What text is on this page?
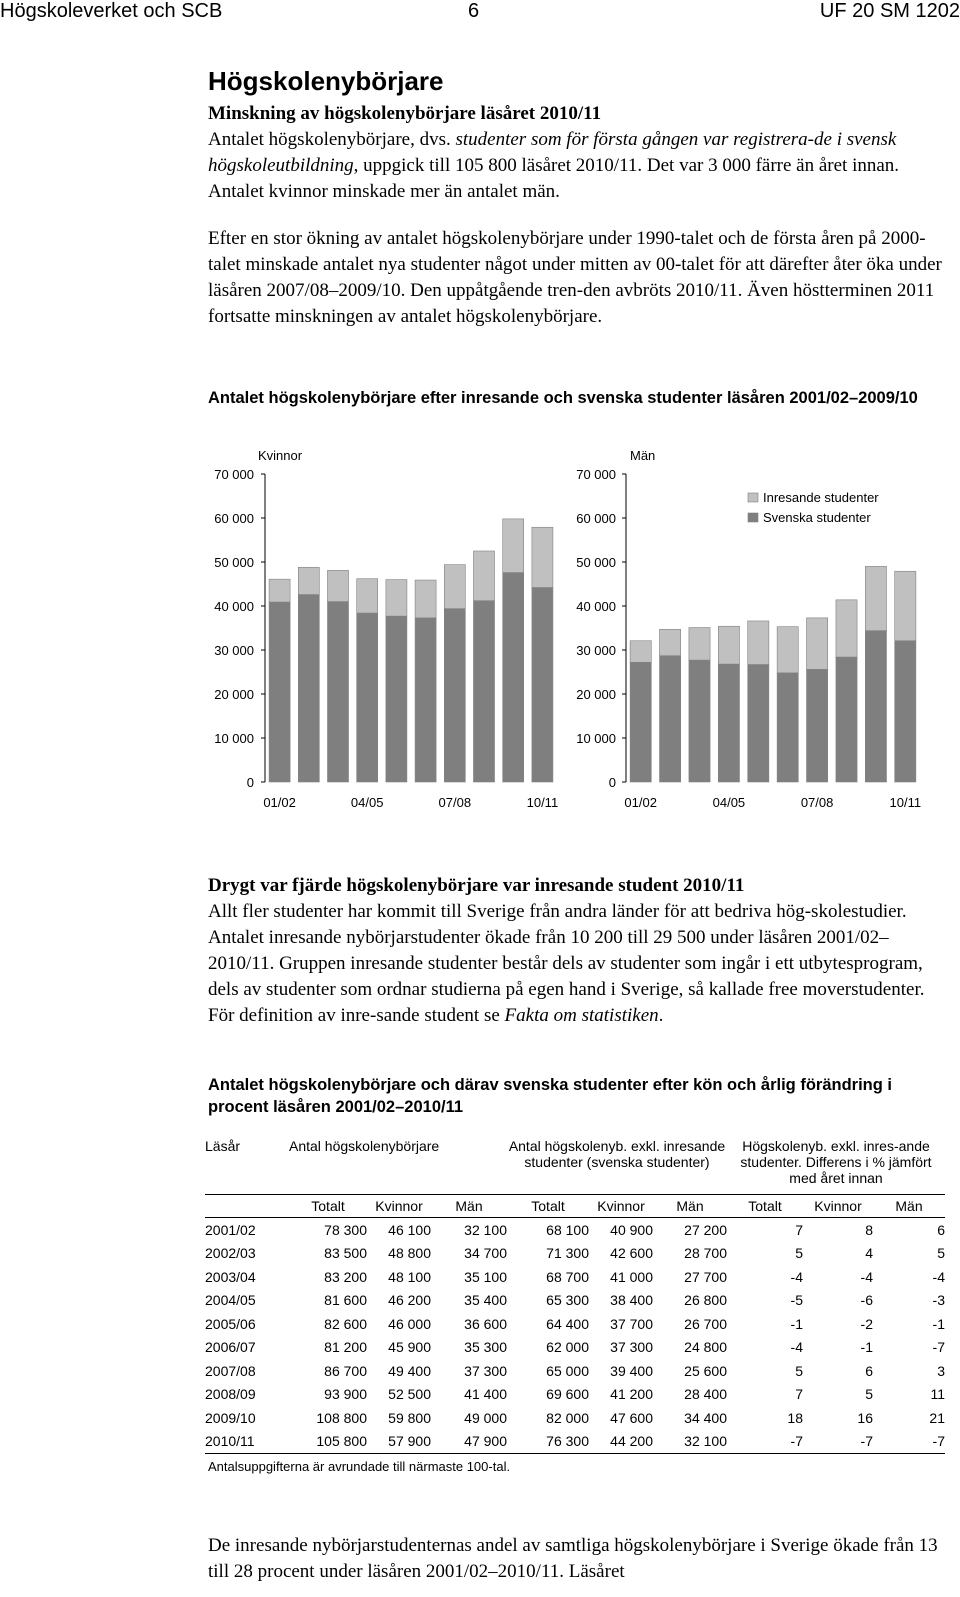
Högskoleverket och SCB	6	UF 20 SM 1202
Högskolenybörjare
Minskning av högskolenybörjare läsåret 2010/11
Antalet högskolenybörjare, dvs. studenter som för första gången var registrera-de i svensk högskoleutbildning, uppgick till 105 800 läsåret 2010/11. Det var 3 000 färre än året innan. Antalet kvinnor minskade mer än antalet män.
Efter en stor ökning av antalet högskolenybörjare under 1990-talet och de första åren på 2000-talet minskade antalet nya studenter något under mitten av 00-talet för att därefter åter öka under läsåren 2007/08–2009/10. Den uppåtgående tren-den avbröts 2010/11. Även höstterminen 2011 fortsatte minskningen av antalet högskolenybörjare.
Antalet högskolenybörjare efter inresande och svenska studenter läsåren 2001/02–2009/10
Kvinnor
0
10 000
20 000
30 000
40 000
50 000
60 000
70 000
01/02	04/05	07/08	10/11
Män
0
10 000
20 000
30 000
40 000
50 000
60 000
70 000
01/02	04/05	07/08	10/11
Inresande studenter
Svenska studenter
Drygt var fjärde högskolenybörjare var inresande student 2010/11
Allt fler studenter har kommit till Sverige från andra länder för att bedriva hög-skolestudier. Antalet inresande nybörjarstudenter ökade från 10 200 till 29 500 under läsåren 2001/02–2010/11. Gruppen inresande studenter består dels av studenter som ingår i ett utbytesprogram, dels av studenter som ordnar studierna på egen hand i Sverige, så kallade free moverstudenter. För definition av inre-sande student se Fakta om statistiken.
Antalet högskolenybörjare och därav svenska studenter efter kön och årlig förändring i procent läsåren 2001/02–2010/11
Läsår	Antal högskolenybörjare			Antal högskolenyb. exkl. inresande studenter (svenska studenter)			Högskolenyb. exkl. inres-ande studenter. Differens i % jämfört med året innan		
	Totalt	Kvinnor	Män	Totalt	Kvinnor	Män	Totalt	Kvinnor	Män
2001/02	78 300	46 100	32 100	68 100	40 900	27 200	7	8	6
2002/03	83 500	48 800	34 700	71 300	42 600	28 700	5	4	5
2003/04	83 200	48 100	35 100	68 700	41 000	27 700	-4	-4	-4
2004/05	81 600	46 200	35 400	65 300	38 400	26 800	-5	-6	-3
2005/06	82 600	46 000	36 600	64 400	37 700	26 700	-1	-2	-1
2006/07	81 200	45 900	35 300	62 000	37 300	24 800	-4	-1	-7
2007/08	86 700	49 400	37 300	65 000	39 400	25 600	5	6	3
2008/09	93 900	52 500	41 400	69 600	41 200	28 400	7	5	11
2009/10	108 800	59 800	49 000	82 000	47 600	34 400	18	16	21
2010/11	105 800	57 900	47 900	76 300	44 200	32 100	-7	-7	-7
Antalsuppgifterna är avrundade till närmaste 100-tal.
De inresande nybörjarstudenternas andel av samtliga högskolenybörjare i Sverige ökade från 13 till 28 procent under läsåren 2001/02–2010/11. Läsåret
